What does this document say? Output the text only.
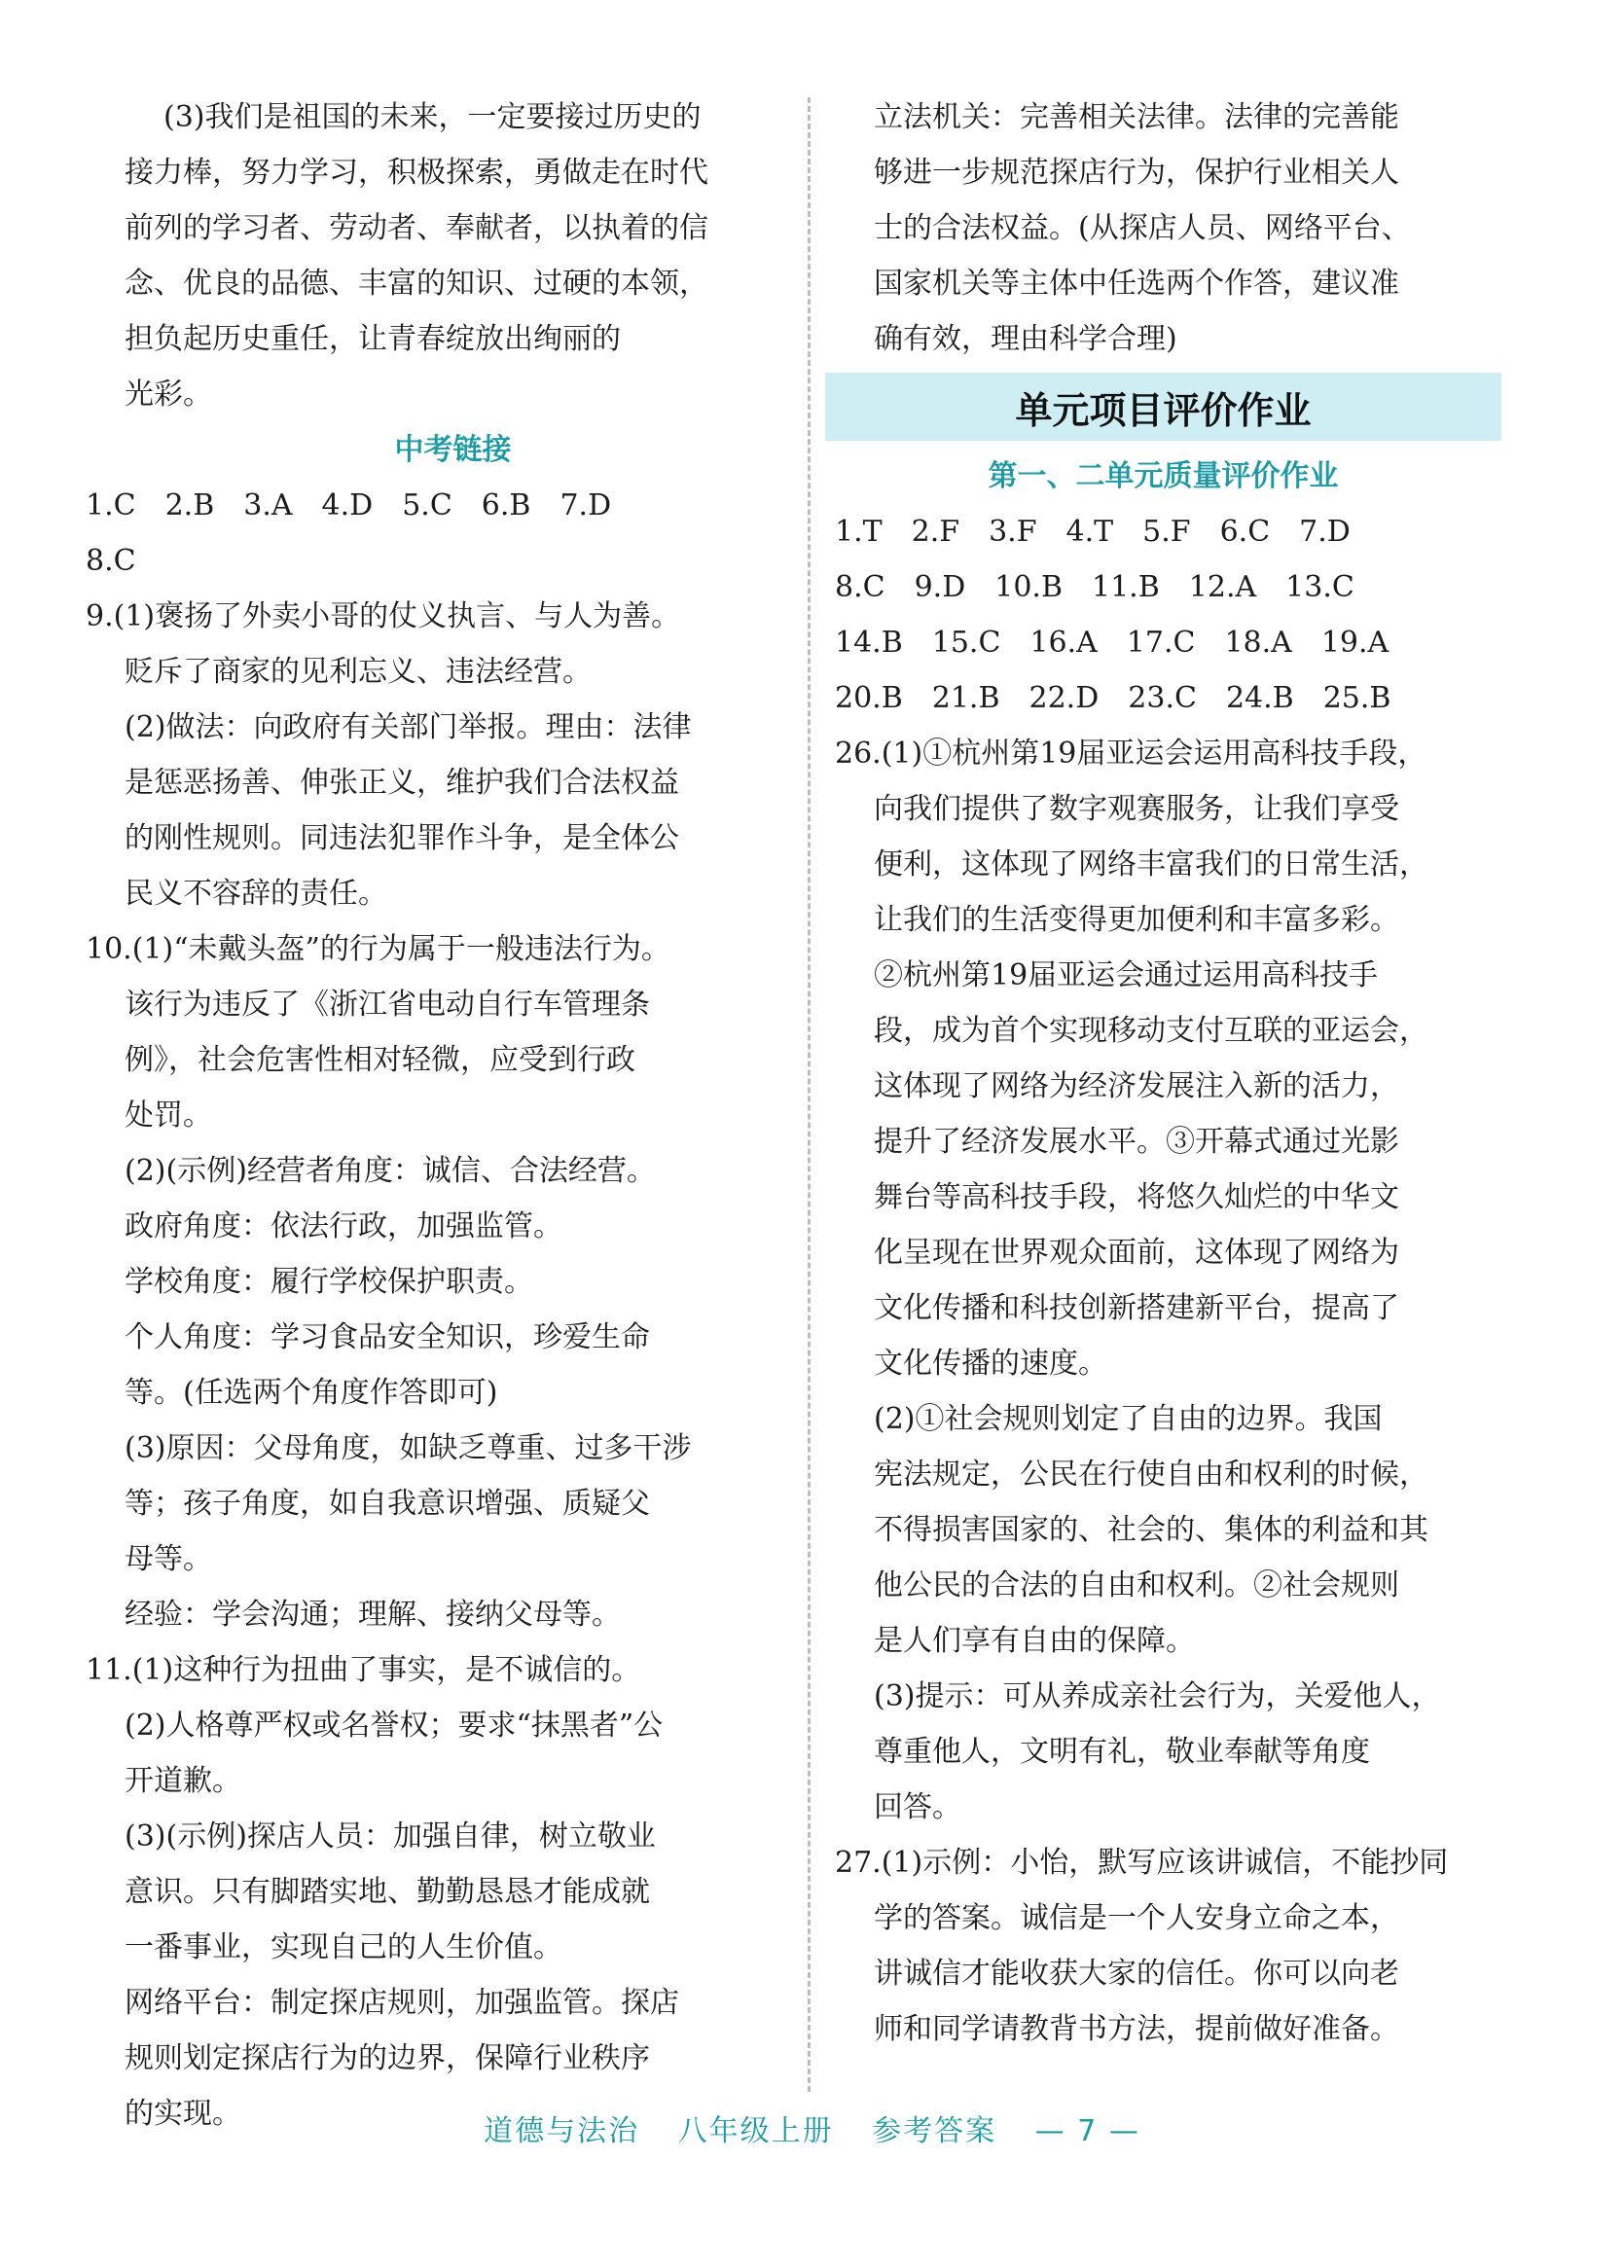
(3)我们是祖国的未来，一定要接过历史的
接力棒，努力学习，积极探索，勇做走在时代
前列的学习者、劳动者、奉献者，以执着的信
念、优良的品德、丰富的知识、过硬的本领，
担负起历史重任，让青春绽放出绚丽的
光彩。
中考链接
1.C　2.B　3.A　4.D　5.C　6.B　7.D
8.C
9.(1)褒扬了外卖小哥的仗义执言、与人为善。
贬斥了商家的见利忘义、违法经营。
(2)做法：向政府有关部门举报。理由：法律
是惩恶扬善、伸张正义，维护我们合法权益
的刚性规则。同违法犯罪作斗争，是全体公
民义不容辞的责任。
10.(1)“未戴头盔”的行为属于一般违法行为。
该行为违反了《浙江省电动自行车管理条
例》，社会危害性相对轻微，应受到行政
处罚。
(2)(示例)经营者角度：诚信、合法经营。
政府角度：依法行政，加强监管。
学校角度：履行学校保护职责。
个人角度：学习食品安全知识，珍爱生命
等。(任选两个角度作答即可)
(3)原因：父母角度，如缺乏尊重、过多干涉
等；孩子角度，如自我意识增强、质疑父
母等。
经验：学会沟通；理解、接纳父母等。
11.(1)这种行为扭曲了事实，是不诚信的。
(2)人格尊严权或名誉权；要求“抹黑者”公
开道歉。
(3)(示例)探店人员：加强自律，树立敬业
意识。只有脚踏实地、勤勤恳恳才能成就
一番事业，实现自己的人生价值。
网络平台：制定探店规则，加强监管。探店
规则划定探店行为的边界，保障行业秩序
的实现。
立法机关：完善相关法律。法律的完善能
够进一步规范探店行为，保护行业相关人
士的合法权益。(从探店人员、网络平台、
国家机关等主体中任选两个作答，建议准
确有效，理由科学合理)
单元项目评价作业
第一、二单元质量评价作业
1.T　2.F　3.F　4.T　5.F　6.C　7.D
8.C　9.D　10.B　11.B　12.A　13.C
14.B　15.C　16.A　17.C　18.A　19.A
20.B　21.B　22.D　23.C　24.B　25.B
26.(1)①杭州第19届亚运会运用高科技手段，
向我们提供了数字观赛服务，让我们享受
便利，这体现了网络丰富我们的日常生活，
让我们的生活变得更加便利和丰富多彩。
②杭州第19届亚运会通过运用高科技手
段，成为首个实现移动支付互联的亚运会，
这体现了网络为经济发展注入新的活力，
提升了经济发展水平。③开幕式通过光影
舞台等高科技手段，将悠久灿烂的中华文
化呈现在世界观众面前，这体现了网络为
文化传播和科技创新搭建新平台，提高了
文化传播的速度。
(2)①社会规则划定了自由的边界。我国
宪法规定，公民在行使自由和权利的时候，
不得损害国家的、社会的、集体的利益和其
他公民的合法的自由和权利。②社会规则
是人们享有自由的保障。
(3)提示：可从养成亲社会行为，关爱他人，
尊重他人，文明有礼，敬业奉献等角度
回答。
27.(1)示例：小怡，默写应该讲诚信，不能抄同
学的答案。诚信是一个人安身立命之本，
讲诚信才能收获大家的信任。你可以向老
师和同学请教背书方法，提前做好准备。
道德与法治 八年级上册 参考答案 — 7 —
